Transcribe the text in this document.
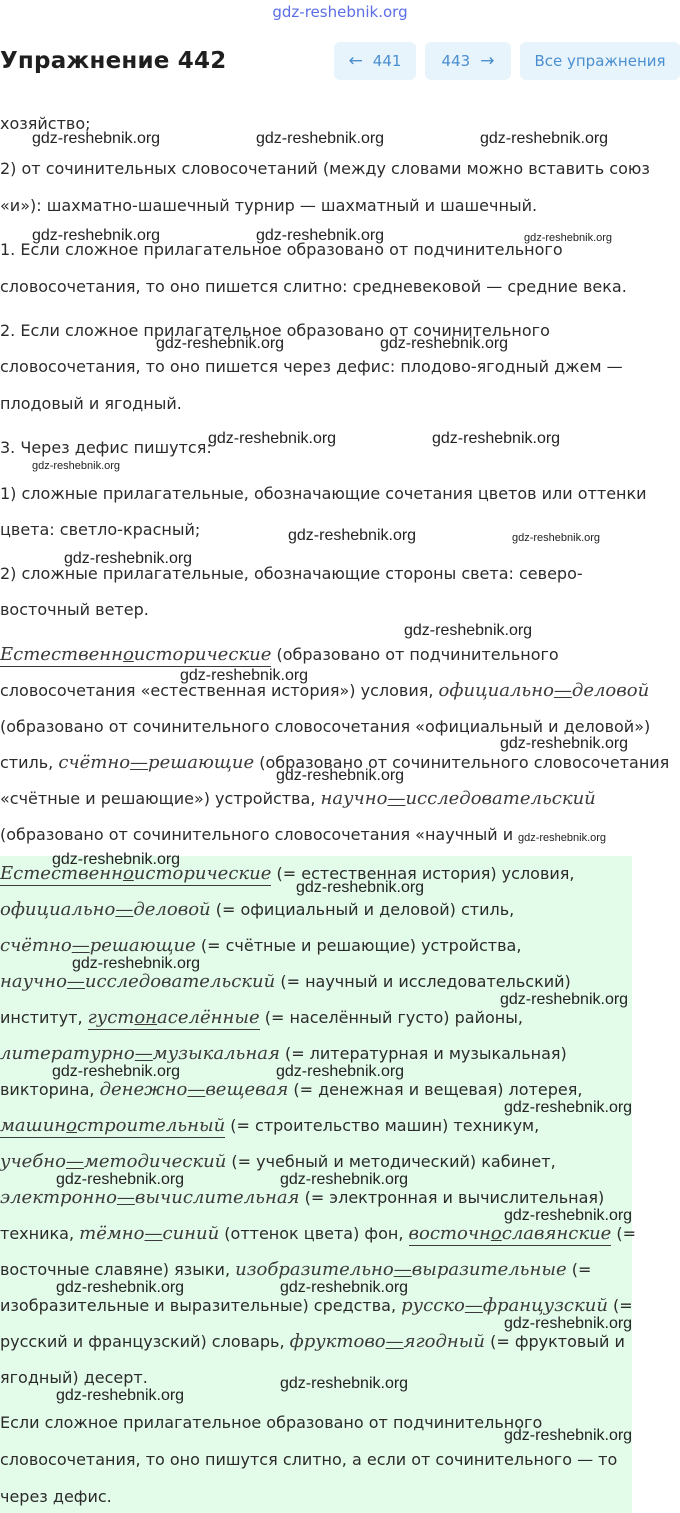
gdz-reshebnik.org
Упражнение 442	← 441	443 →	Все упражнения
хозяйство;
2) от сочинительных словосочетаний (между словами можно вставить союз
«и»): шахматно-шашечный турнир — шахматный и шашечный.
1. Если сложное прилагательное образовано от подчинительного
словосочетания, то оно пишется слитно: средневековой — средние века.
2. Если сложное прилагательное образовано от сочинительного
словосочетания, то оно пишется через дефис: плодово-ягодный джем —
плодовый и ягодный.
3. Через дефис пишутся:
1) сложные прилагательные, обозначающие сочетания цветов или оттенки
цвета: светло-красный;
2) сложные прилагательные, обозначающие стороны света: северо-
восточный ветер.
Естественноисторические (образовано от подчинительного
словосочетания «естественная история») условия, официально—деловой
(образовано от сочинительного словосочетания «официальный и деловой»)
стиль, счётно—решающие (образовано от сочинительного словосочетания
«счётные и решающие») устройства, научно—исследовательский
(образовано от сочинительного словосочетания «научный и
Естественноисторические (= естественная история) условия,
официально—деловой (= официальный и деловой) стиль,
счётно—решающие (= счётные и решающие) устройства,
научно—исследовательский (= научный и исследовательский)
институт, густонаселённые (= населённый густо) районы,
литературно—музыкальная (= литературная и музыкальная)
викторина, денежно—вещевая (= денежная и вещевая) лотерея,
машиностроительный (= строительство машин) техникум,
учебно—методический (= учебный и методический) кабинет,
электронно—вычислительная (= электронная и вычислительная)
техника, тёмно—синий (оттенок цвета) фон, восточнославянские (=
восточные славяне) языки, изобразительно—выразительные (=
изобразительные и выразительные) средства, русско—французский (=
русский и французский) словарь, фруктово—ягодный (= фруктовый и
ягодный) десерт.
Если сложное прилагательное образовано от подчинительного
словосочетания, то оно пишутся слитно, а если от сочинительного — то
через дефис.
gdz-reshebnik.org	gdz-reshebnik.org	gdz-reshebnik.org
gdz-reshebnik.org	gdz-reshebnik.org	gdz-reshebnik.org
gdz-reshebnik.org	gdz-reshebnik.org
gdz-reshebnik.org	gdz-reshebnik.org
gdz-reshebnik.org
gdz-reshebnik.org	gdz-reshebnik.org
gdz-reshebnik.org
gdz-reshebnik.org
gdz-reshebnik.org
gdz-reshebnik.org
gdz-reshebnik.org
gdz-reshebnik.org
gdz-reshebnik.org
gdz-reshebnik.org
gdz-reshebnik.org
gdz-reshebnik.org
gdz-reshebnik.org	gdz-reshebnik.org
gdz-reshebnik.org
gdz-reshebnik.org	gdz-reshebnik.org
gdz-reshebnik.org
gdz-reshebnik.org	gdz-reshebnik.org
gdz-reshebnik.org
gdz-reshebnik.org
gdz-reshebnik.org
gdz-reshebnik.org
